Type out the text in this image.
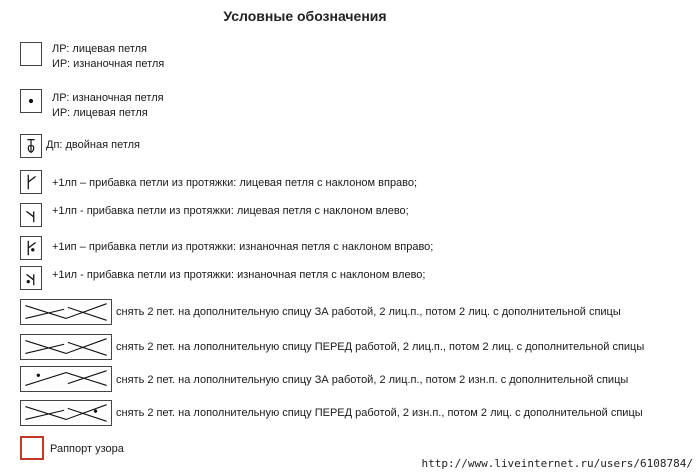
Условные обозначения
ЛР: лицевая петля
ИР: изнаночная петля
ЛР: изнаночная петля
ИР: лицевая петля
Дп: двойная петля
+1лп – прибавка петли из протяжки: лицевая петля с наклоном вправо;
+1лп - прибавка петли из протяжки: лицевая петля с наклоном влево;
+1ип – прибавка петли из протяжки: изнаночная петля с наклоном вправо;
+1ил - прибавка петли из протяжки: изнаночная петля с наклоном влево;
снять 2 пет. на дополнительную спицу ЗА работой, 2 лиц.п., потом 2 лиц. с дополнительной спицы
снять 2 пет. на лополнительную спицу ПЕРЕД работой, 2 лиц.п., потом 2 лиц. с дополнительной спицы
снять 2 пет. на лополнительную спицу ЗА работой, 2 лиц.п., потом 2 изн.п. с дополнительной спицы
снять 2 пет. на лополнительную спицу ПЕРЕД работой, 2 изн.п., потом 2 лиц. с дополнительной спицы
Раппорт узора
http://www.liveinternet.ru/users/6108784/
